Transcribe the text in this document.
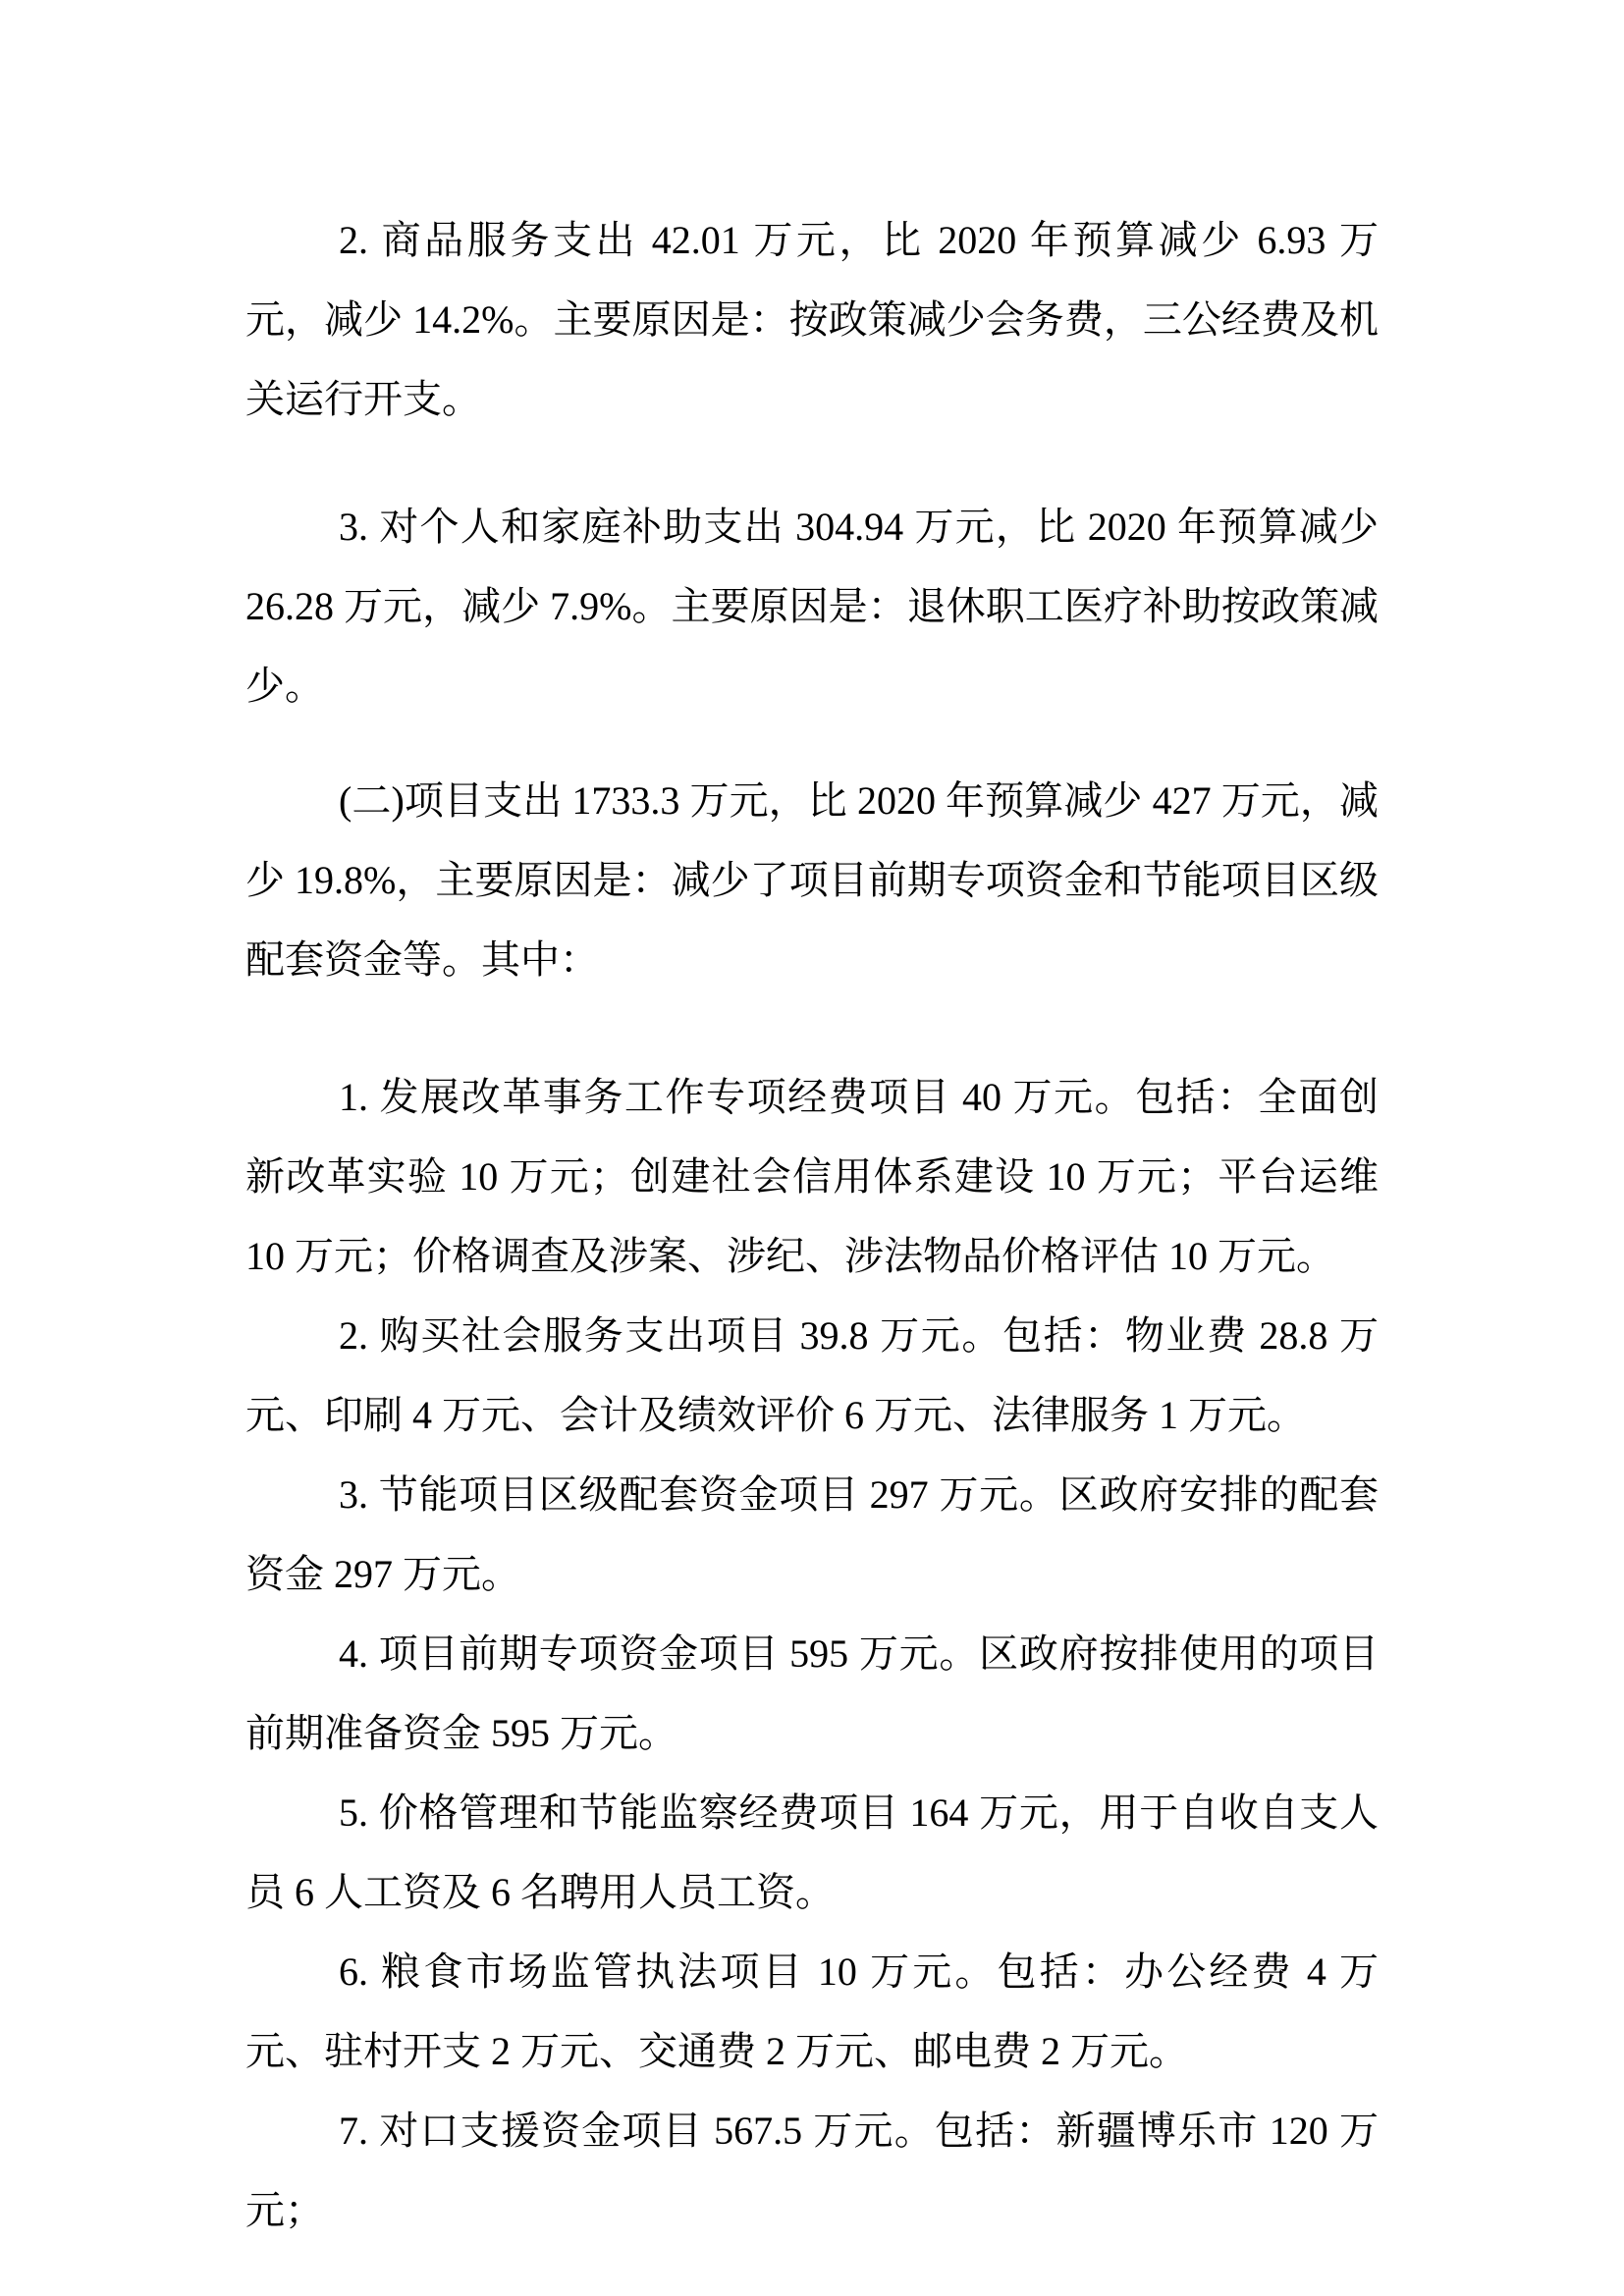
2. 商品服务支出 42.01 万元，比 2020 年预算减少 6.93 万元，减少 14.2%。主要原因是：按政策减少会务费，三公经费及机关运行开支。

3. 对个人和家庭补助支出 304.94 万元，比 2020 年预算减少 26.28 万元，减少 7.9%。主要原因是：退休职工医疗补助按政策减少。

(二)项目支出 1733.3 万元，比 2020 年预算减少 427 万元，减少 19.8%，主要原因是：减少了项目前期专项资金和节能项目区级配套资金等。其中：

1. 发展改革事务工作专项经费项目 40 万元。包括：全面创新改革实验 10 万元；创建社会信用体系建设 10 万元；平台运维 10 万元；价格调查及涉案、涉纪、涉法物品价格评估 10 万元。

2. 购买社会服务支出项目 39.8 万元。包括：物业费 28.8 万元、印刷 4 万元、会计及绩效评价 6 万元、法律服务 1 万元。

3. 节能项目区级配套资金项目 297 万元。区政府安排的配套资金 297 万元。

4. 项目前期专项资金项目 595 万元。区政府按排使用的项目前期准备资金 595 万元。

5. 价格管理和节能监察经费项目 164 万元，用于自收自支人员 6 人工资及 6 名聘用人员工资。

6. 粮食市场监管执法项目 10 万元。包括：办公经费 4 万元、驻村开支 2 万元、交通费 2 万元、邮电费 2 万元。

7. 对口支援资金项目 567.5 万元。包括：新疆博乐市 120 万元；
